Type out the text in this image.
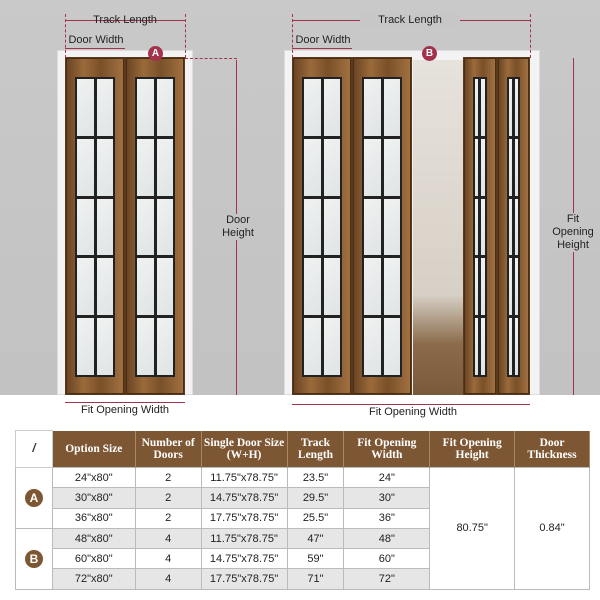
Track Length
Door Width
A
Door
Height
Fit Opening Width
Track Length
Door Width
B
Fit
Opening
Height
Fit Opening Width
/	Option Size	Number of Doors	Single Door Size (W+H)	Track Length	Fit Opening Width	Fit Opening Height	Door Thickness
A	24"x80"	2	11.75"x78.75"	23.5"	24"	80.75"	0.84"
	30"x80"	2	14.75"x78.75"	29.5"	30"		
	36"x80"	2	17.75"x78.75"	25.5"	36"		
B	48"x80"	4	11.75"x78.75"	47"	48"		
	60"x80"	4	14.75"x78.75"	59"	60"		
	72"x80"	4	17.75"x78.75"	71"	72"		
